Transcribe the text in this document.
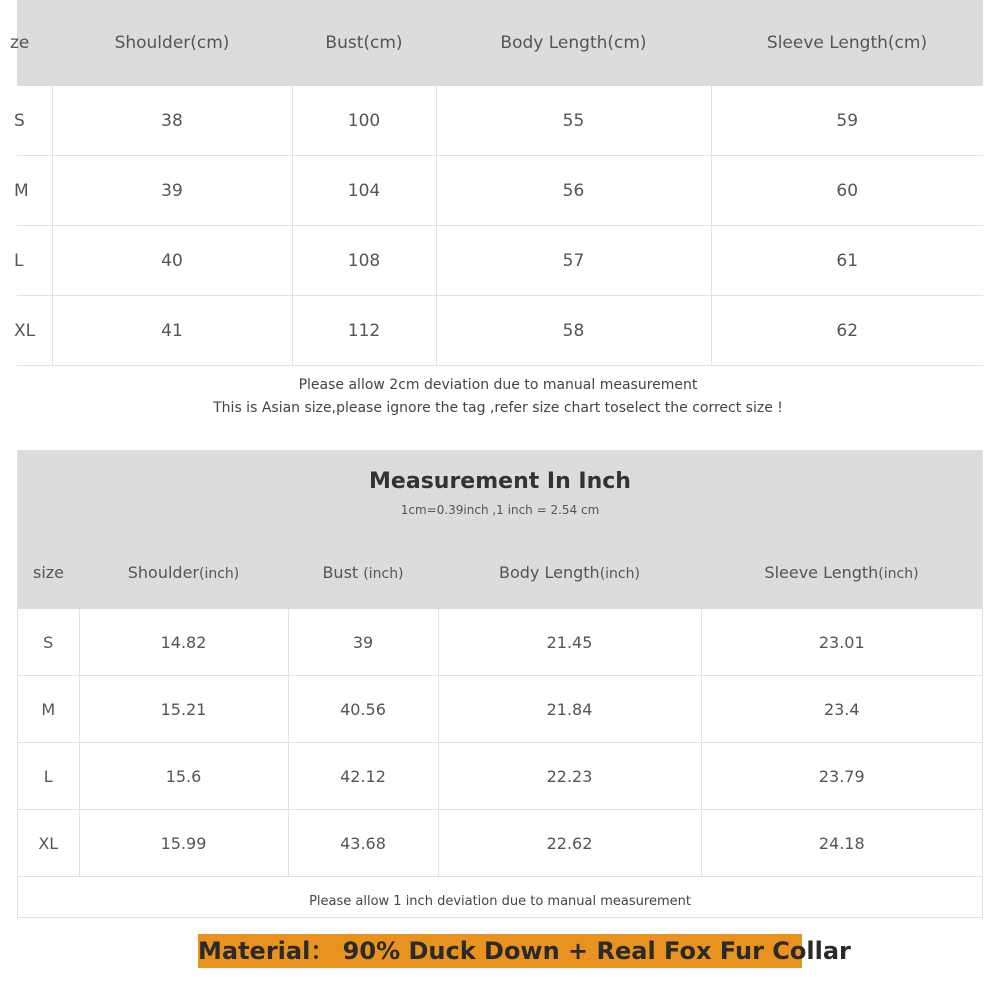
ze	Shoulder(cm)	Bust(cm)	Body Length(cm)	Sleeve Length(cm)
S	38	100	55	59
M	39	104	56	60
L	40	108	57	61
XL	41	112	58	62
Please allow 2cm deviation due to manual measurement
This is Asian size,please ignore the tag ,refer size chart toselect the correct size !
Measurement In Inch
1cm=0.39inch ,1 inch = 2.54 cm
size	Shoulder(inch)	Bust (inch)	Body Length(inch)	Sleeve Length(inch)
S	14.82	39	21.45	23.01
M	15.21	40.56	21.84	23.4
L	15.6	42.12	22.23	23.79
XL	15.99	43.68	22.62	24.18
Please allow 1 inch deviation due to manual measurement
Material： 90% Duck Down + Real Fox Fur Collar
